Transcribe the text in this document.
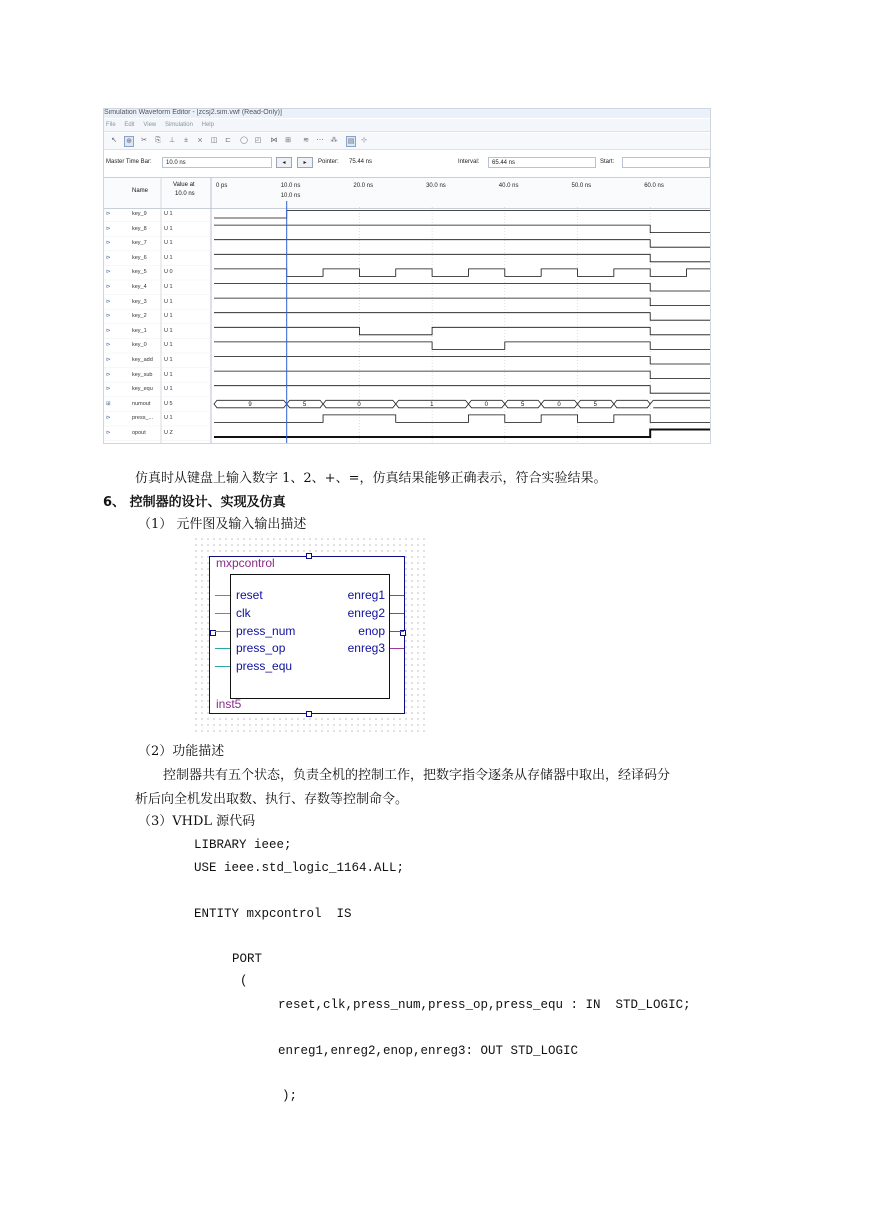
Simulation Waveform Editor - [zcsj2.sim.vwf (Read-Only)]
File Edit View Simulation Help
↖ ⊕ ✂ ⎘ ⊥ ± ⨯ ◫ ⊏ ◯ ◰ ⋈ ⊞ ≋ ⋯ ⁂ ▤ ⊹
Master Time Bar:	10.0 ns	◂	▸	Pointer:	75.44 ns	Interval:	65.44 ns	Start:
Name
Value at
10.0 ns
0 ps	10.0 ns	20.0 ns	30.0 ns	40.0 ns	50.0 ns	60.0 ns
10.0 ns
9	5	0	1	0	5	0	5
⊳	key_9	U 1
⊳	key_8	U 1
⊳	key_7	U 1
⊳	key_6	U 1
⊳	key_5	U 0
⊳	key_4	U 1
⊳	key_3	U 1
⊳	key_2	U 1
⊳	key_1	U 1
⊳	key_0	U 1
⊳	key_add U 1
⊳	key_sub U 1
⊳	key_equ U 1
⊞	numout U 5
⊳	press_... U 1
⊳	opout	U Z
仿真时从键盘上输入数字 1、2、+、=，仿真结果能够正确表示，符合实验结果。
6、 控制器的设计、实现及仿真
（1） 元件图及输入输出描述
mxpcontrol
inst5
reset
clk
press_num
press_op
press_equ
enreg1
enreg2
enop
enreg3
（2）功能描述
控制器共有五个状态，负责全机的控制工作，把数字指令逐条从存储器中取出，经译码分
析后向全机发出取数、执行、存数等控制命令。
（3）VHDL 源代码
LIBRARY ieee;
USE ieee.std_logic_1164.ALL;
ENTITY mxpcontrol  IS
PORT
(
reset,clk,press_num,press_op,press_equ : IN  STD_LOGIC;
enreg1,enreg2,enop,enreg3: OUT STD_LOGIC
);
